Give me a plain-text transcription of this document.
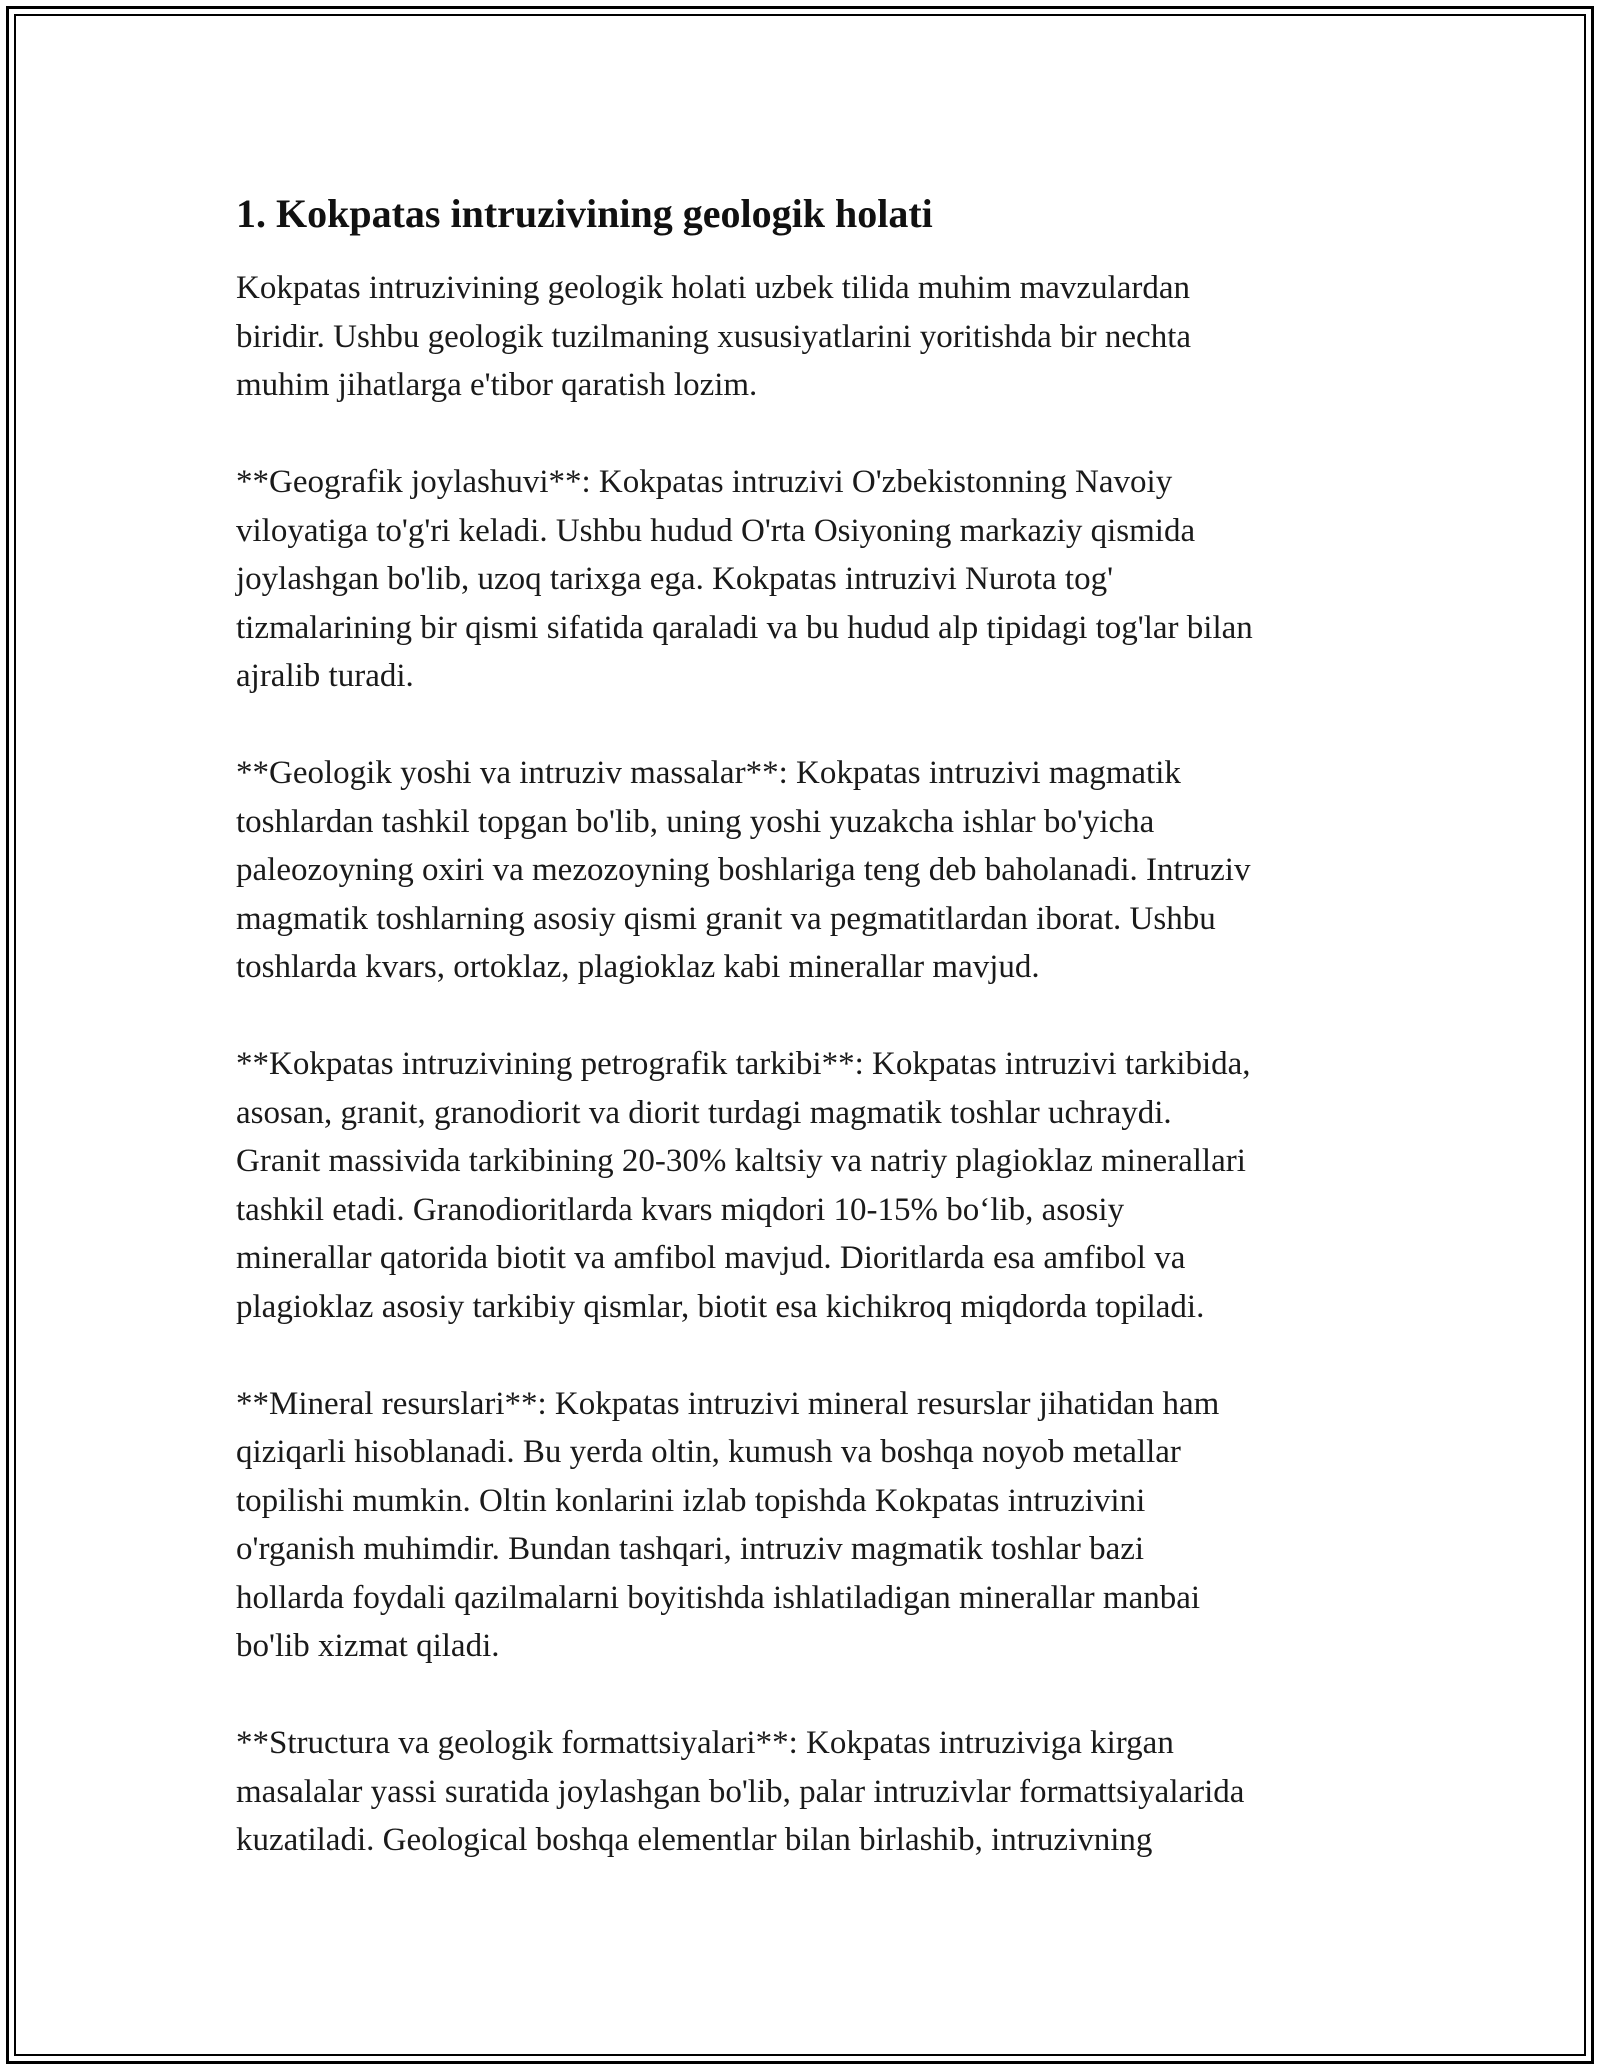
1. Kokpatas intruzivining geologik holati

Kokpatas intruzivining geologik holati uzbek tilida muhim mavzulardan
biridir. Ushbu geologik tuzilmaning xususiyatlarini yoritishda bir nechta
muhim jihatlarga e'tibor qaratish lozim.

**Geografik joylashuvi**: Kokpatas intruzivi O'zbekistonning Navoiy
viloyatiga to'g'ri keladi. Ushbu hudud O'rta Osiyoning markaziy qismida
joylashgan bo'lib, uzoq tarixga ega. Kokpatas intruzivi Nurota tog'
tizmalarining bir qismi sifatida qaraladi va bu hudud alp tipidagi tog'lar bilan
ajralib turadi.

**Geologik yoshi va intruziv massalar**: Kokpatas intruzivi magmatik
toshlardan tashkil topgan bo'lib, uning yoshi yuzakcha ishlar bo'yicha
paleozoyning oxiri va mezozoyning boshlariga teng deb baholanadi. Intruziv
magmatik toshlarning asosiy qismi granit va pegmatitlardan iborat. Ushbu
toshlarda kvars, ortoklaz, plagioklaz kabi minerallar mavjud.

**Kokpatas intruzivining petrografik tarkibi**: Kokpatas intruzivi tarkibida,
asosan, granit, granodiorit va diorit turdagi magmatik toshlar uchraydi.
Granit massivida tarkibining 20-30% kaltsiy va natriy plagioklaz minerallari
tashkil etadi. Granodioritlarda kvars miqdori 10-15% bo‘lib, asosiy
minerallar qatorida biotit va amfibol mavjud. Dioritlarda esa amfibol va
plagioklaz asosiy tarkibiy qismlar, biotit esa kichikroq miqdorda topiladi.

**Mineral resurslari**: Kokpatas intruzivi mineral resurslar jihatidan ham
qiziqarli hisoblanadi. Bu yerda oltin, kumush va boshqa noyob metallar
topilishi mumkin. Oltin konlarini izlab topishda Kokpatas intruzivini
o'rganish muhimdir. Bundan tashqari, intruziv magmatik toshlar bazi
hollarda foydali qazilmalarni boyitishda ishlatiladigan minerallar manbai
bo'lib xizmat qiladi.

**Structura va geologik formattsiyalari**: Kokpatas intruziviga kirgan
masalalar yassi suratida joylashgan bo'lib, palar intruzivlar formattsiyalarida
kuzatiladi. Geological boshqa elementlar bilan birlashib, intruzivning
